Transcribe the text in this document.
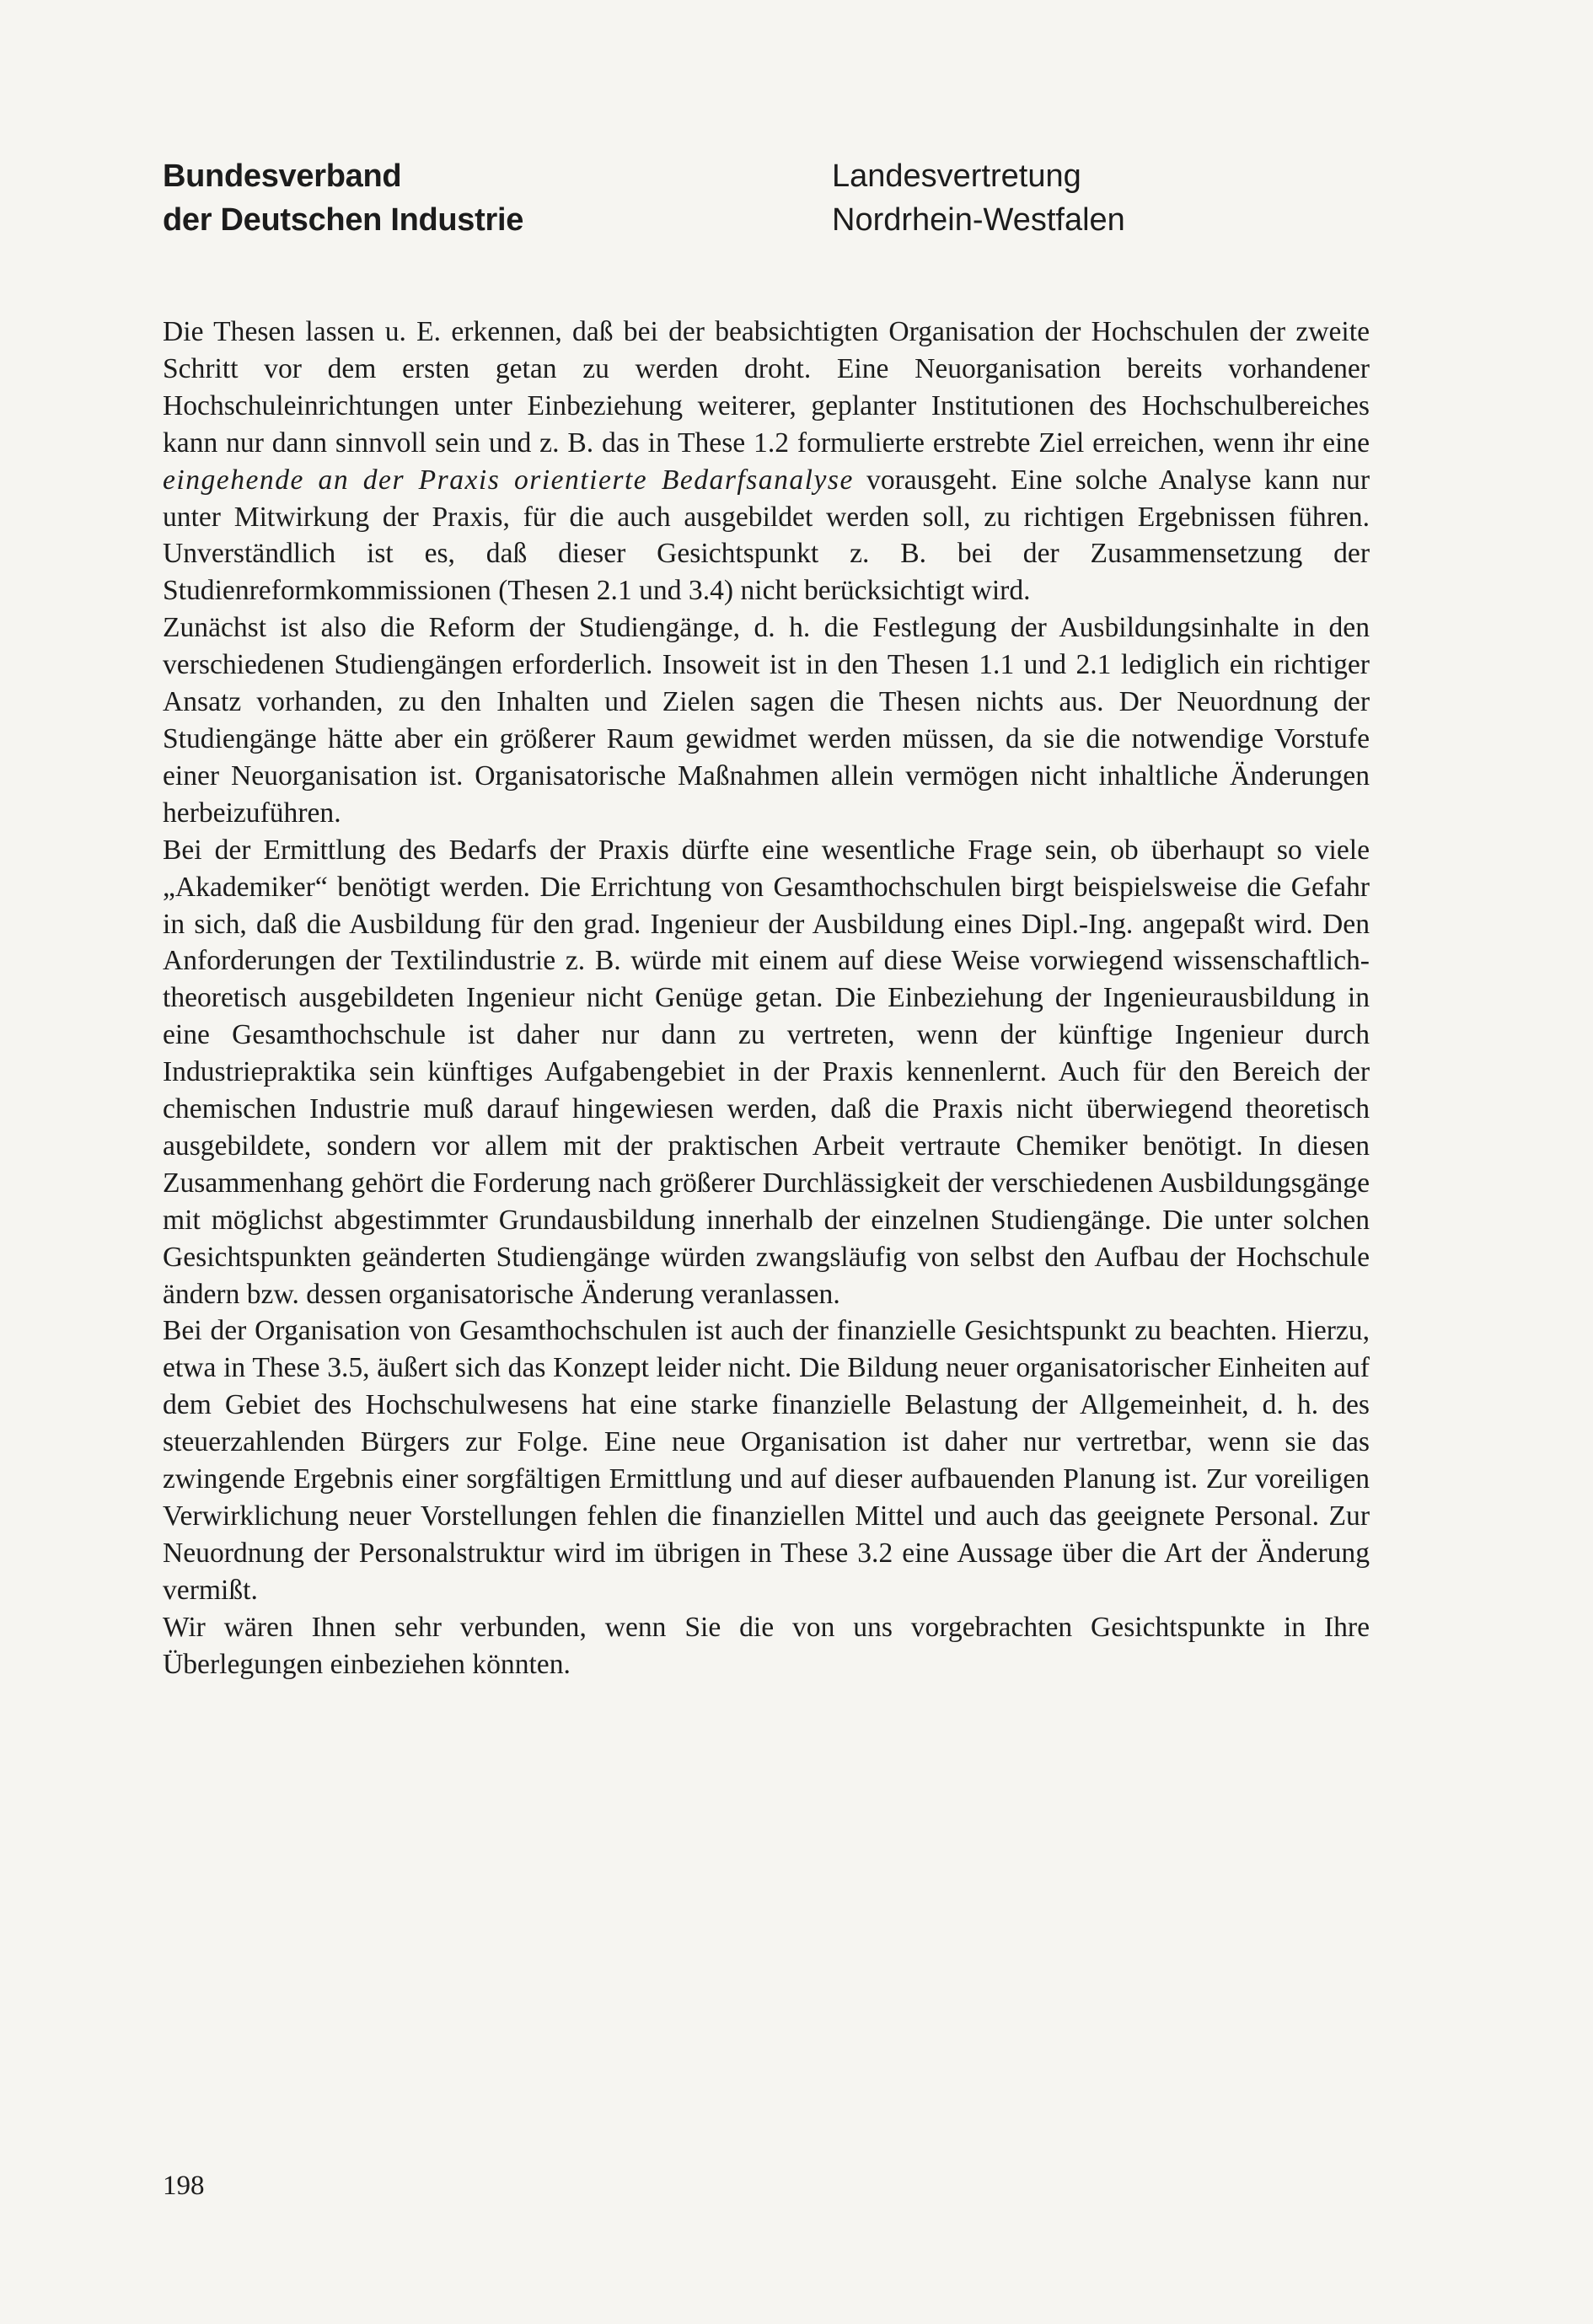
Bundesverband
der Deutschen Industrie
Landesvertretung
Nordrhein-Westfalen

Die Thesen lassen u. E. erkennen, daß bei der beabsichtigten Organisation der Hochschulen der zweite Schritt vor dem ersten getan zu werden droht. Eine Neuorganisation bereits vorhandener Hochschuleinrichtungen unter Einbeziehung weiterer, geplanter Institutionen des Hochschulbereiches kann nur dann sinnvoll sein und z. B. das in These 1.2 formulierte erstrebte Ziel erreichen, wenn ihr eine eingehende an der Praxis orientierte Bedarfsanalyse vorausgeht. Eine solche Analyse kann nur unter Mitwirkung der Praxis, für die auch ausgebildet werden soll, zu richtigen Ergebnissen führen. Unverständlich ist es, daß dieser Gesichtspunkt z. B. bei der Zusammensetzung der Studienreformkommissionen (Thesen 2.1 und 3.4) nicht berücksichtigt wird.

Zunächst ist also die Reform der Studiengänge, d. h. die Festlegung der Ausbildungsinhalte in den verschiedenen Studiengängen erforderlich. Insoweit ist in den Thesen 1.1 und 2.1 lediglich ein richtiger Ansatz vorhanden, zu den Inhalten und Zielen sagen die Thesen nichts aus. Der Neuordnung der Studiengänge hätte aber ein größerer Raum gewidmet werden müssen, da sie die notwendige Vorstufe einer Neuorganisation ist. Organisatorische Maßnahmen allein vermögen nicht inhaltliche Änderungen herbeizuführen.

Bei der Ermittlung des Bedarfs der Praxis dürfte eine wesentliche Frage sein, ob überhaupt so viele „Akademiker“ benötigt werden. Die Errichtung von Gesamthochschulen birgt beispielsweise die Gefahr in sich, daß die Ausbildung für den grad. Ingenieur der Ausbildung eines Dipl.-Ing. angepaßt wird. Den Anforderungen der Textilindustrie z. B. würde mit einem auf diese Weise vorwiegend wissenschaftlich-theoretisch ausgebildeten Ingenieur nicht Genüge getan. Die Einbeziehung der Ingenieurausbildung in eine Gesamthochschule ist daher nur dann zu vertreten, wenn der künftige Ingenieur durch Industriepraktika sein künftiges Aufgabengebiet in der Praxis kennenlernt. Auch für den Bereich der chemischen Industrie muß darauf hingewiesen werden, daß die Praxis nicht überwiegend theoretisch ausgebildete, sondern vor allem mit der praktischen Arbeit vertraute Chemiker benötigt. In diesen Zusammenhang gehört die Forderung nach größerer Durchlässigkeit der verschiedenen Ausbildungsgänge mit möglichst abgestimmter Grundausbildung innerhalb der einzelnen Studiengänge. Die unter solchen Gesichtspunkten geänderten Studiengänge würden zwangsläufig von selbst den Aufbau der Hochschule ändern bzw. dessen organisatorische Änderung veranlassen.

Bei der Organisation von Gesamthochschulen ist auch der finanzielle Gesichtspunkt zu beachten. Hierzu, etwa in These 3.5, äußert sich das Konzept leider nicht. Die Bildung neuer organisatorischer Einheiten auf dem Gebiet des Hochschulwesens hat eine starke finanzielle Belastung der Allgemeinheit, d. h. des steuerzahlenden Bürgers zur Folge. Eine neue Organisation ist daher nur vertretbar, wenn sie das zwingende Ergebnis einer sorgfältigen Ermittlung und auf dieser aufbauenden Planung ist. Zur voreiligen Verwirklichung neuer Vorstellungen fehlen die finanziellen Mittel und auch das geeignete Personal. Zur Neuordnung der Personalstruktur wird im übrigen in These 3.2 eine Aussage über die Art der Änderung vermißt.

Wir wären Ihnen sehr verbunden, wenn Sie die von uns vorgebrachten Gesichtspunkte in Ihre Überlegungen einbeziehen könnten.

198
